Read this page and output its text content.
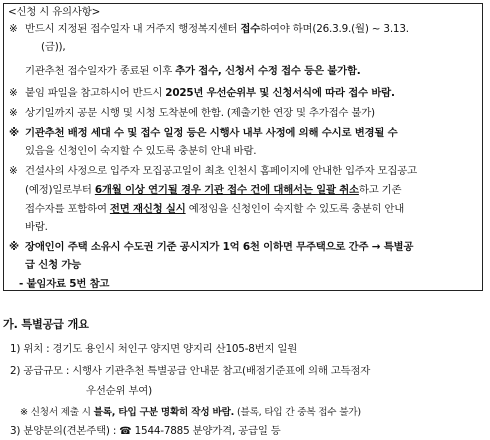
<신청 시 유의사항>
※ 반드시 지정된 접수일자 내 거주지 행정복지센터 접수하여야 하며(26.3.9.(월) ~ 3.13.
(금)),
기관추천 접수일자가 종료된 이후 추가 접수, 신청서 수정 접수 등은 불가함.
※ 붙임 파일을 참고하시어 반드시 2025년 우선순위부 및 신청서식에 따라 접수 바람.
※ 상기일까지 공문 시행 및 시청 도착분에 한함. (제출기한 연장 및 추가접수 불가)
※ 기관추천 배정 세대 수 및 접수 일정 등은 시행사 내부 사정에 의해 수시로 변경될 수
있음을 신청인이 숙지할 수 있도록 충분히 안내 바람.
※ 건설사의 사정으로 입주자 모집공고일이 최초 인천시 홈페이지에 안내한 입주자 모집공고
(예정)일로부터 6개월 이상 연기될 경우 기관 접수 건에 대해서는 일괄 취소하고 기존
접수자를 포함하여 전면 재신청 실시 예정임을 신청인이 숙지할 수 있도록 충분히 안내
바람.
※ 장애인이 주택 소유시 수도권 기준 공시지가 1억 6천 이하면 무주택으로 간주 → 특별공
급 신청 가능
- 붙임자료 5번 참고
가. 특별공급 개요
1) 위치 : 경기도 용인시 처인구 양지면 양지리 산105-8번지 일원
2) 공급규모 : 시행사 기관추천 특별공급 안내문 참고(배점기준표에 의해 고득점자
우선순위 부여)
※ 신청서 제출 시 블록, 타입 구분 명확히 작성 바람. (블록, 타입 간 중복 접수 불가)
3) 분양문의(견본주택) : ☎ 1544-7885 분양가격, 공급일 등
